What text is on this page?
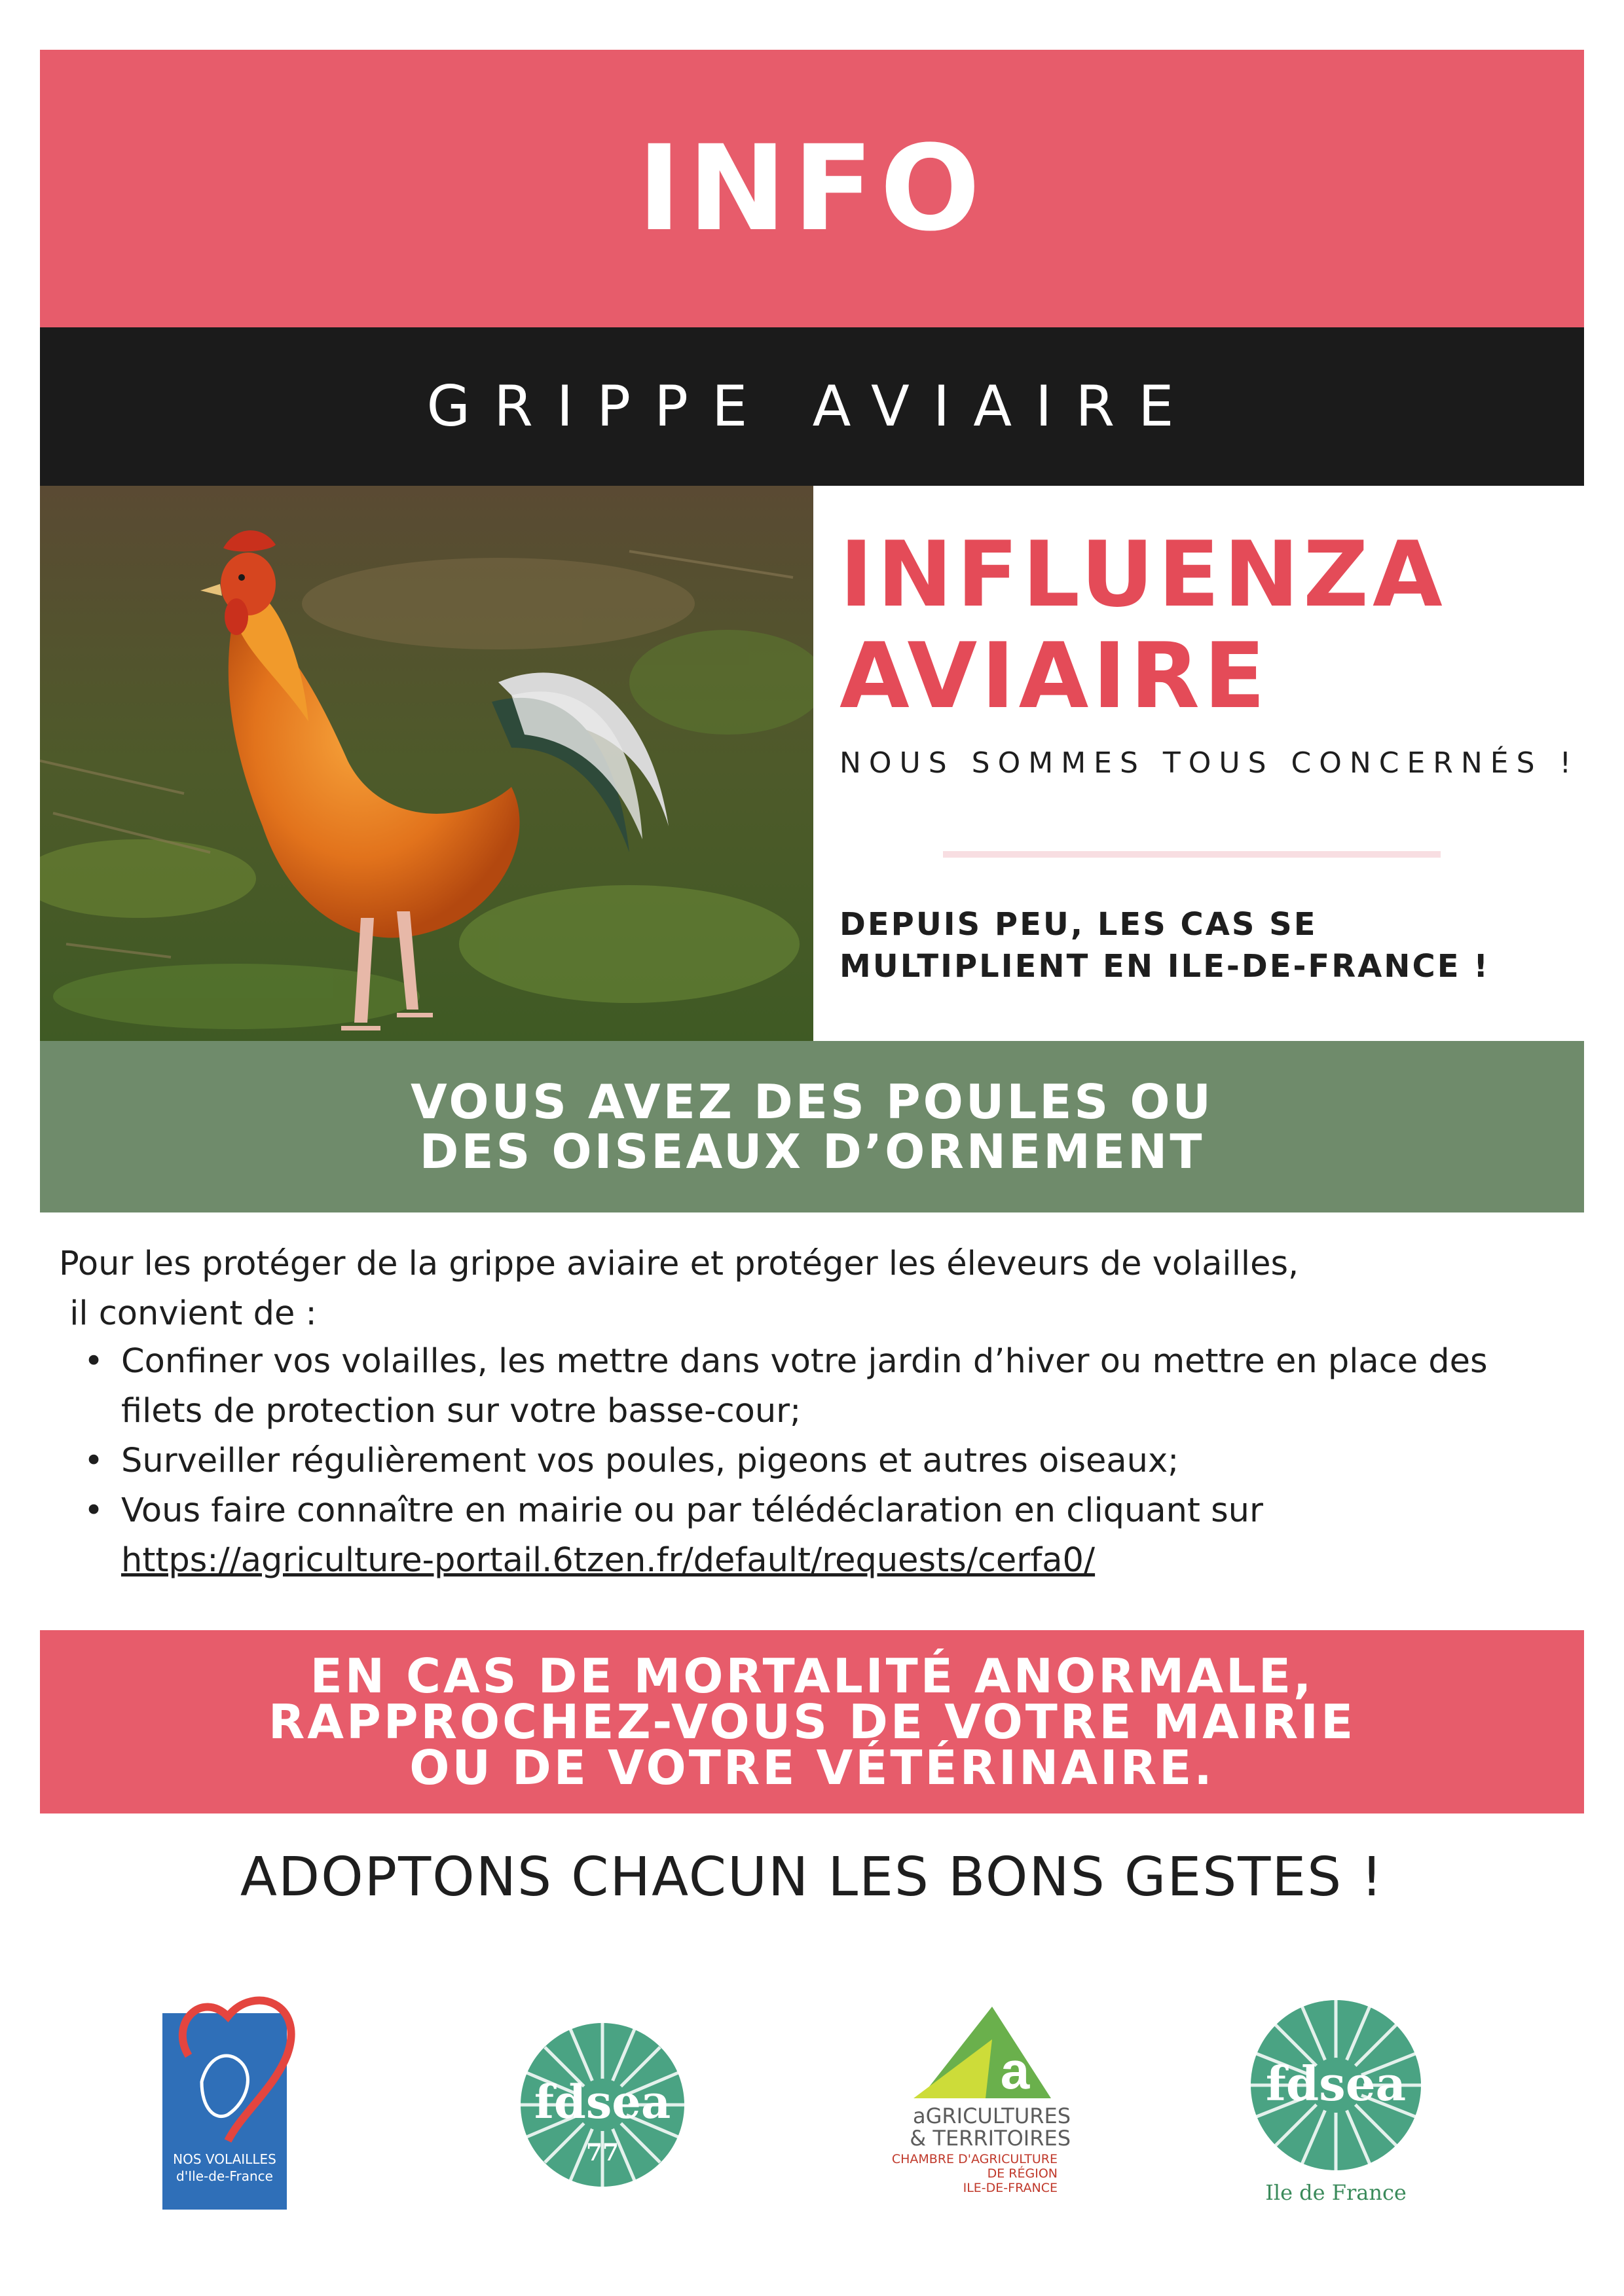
INFO
GRIPPE AVIAIRE
INFLUENZA
AVIAIRE
NOUS SOMMES TOUS CONCERNÉS !
DEPUIS PEU, LES CAS SE
MULTIPLIENT EN ILE-DE-FRANCE !
VOUS AVEZ DES POULES OU
DES OISEAUX D’ORNEMENT
Pour les protéger de la grippe aviaire et protéger les éleveurs de volailles,
il convient de :
• Confiner vos volailles, les mettre dans votre jardin d’hiver ou mettre en place des filets de protection sur votre basse-cour;
• Surveiller régulièrement vos poules, pigeons et autres oiseaux;
• Vous faire connaître en mairie ou par télédéclaration en cliquant sur
https://agriculture-portail.6tzen.fr/default/requests/cerfa0/
EN CAS DE MORTALITÉ ANORMALE,
RAPPROCHEZ-VOUS DE VOTRE MAIRIE
OU DE VOTRE VÉTÉRINAIRE.
ADOPTONS CHACUN LES BONS GESTES !
NOS VOLAILLES
d'Ile-de-France
fdsea
77
a
aGRICULTURES
& TERRITOIRES
CHAMBRE D'AGRICULTURE
DE RÉGION
ILE-DE-FRANCE
fdsea
Ile de France
